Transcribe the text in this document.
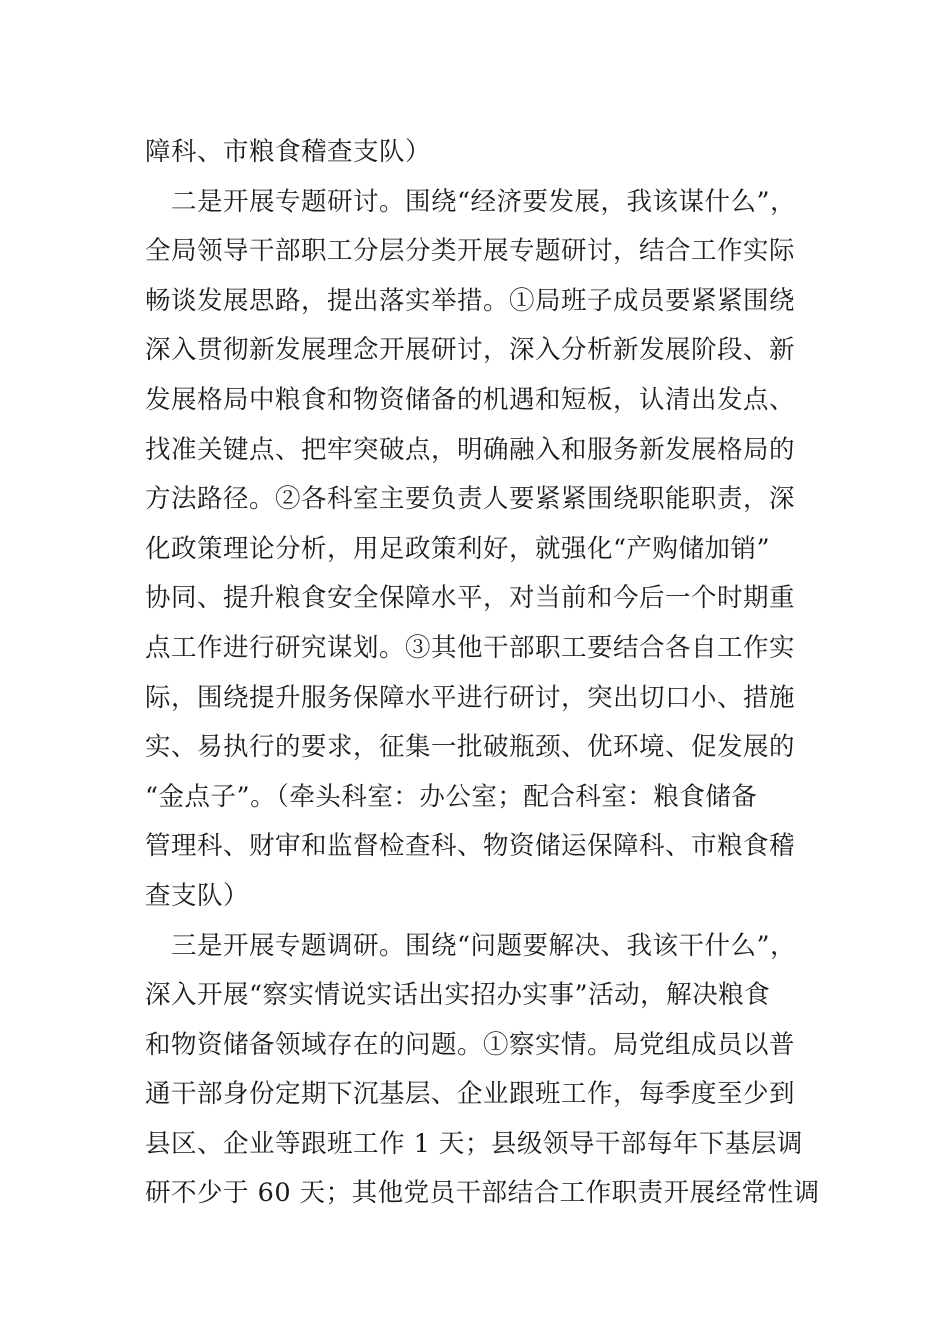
障科、市粮食稽查支队）
　二是开展专题研讨。围绕“经济要发展，我该谋什么”，
全局领导干部职工分层分类开展专题研讨，结合工作实际
畅谈发展思路，提出落实举措。①局班子成员要紧紧围绕
深入贯彻新发展理念开展研讨，深入分析新发展阶段、新
发展格局中粮食和物资储备的机遇和短板，认清出发点、
找准关键点、把牢突破点，明确融入和服务新发展格局的
方法路径。②各科室主要负责人要紧紧围绕职能职责，深
化政策理论分析，用足政策利好，就强化“产购储加销”
协同、提升粮食安全保障水平，对当前和今后一个时期重
点工作进行研究谋划。③其他干部职工要结合各自工作实
际，围绕提升服务保障水平进行研讨，突出切口小、措施
实、易执行的要求，征集一批破瓶颈、优环境、促发展的
“金点子”。（牵头科室：办公室；配合科室：粮食储备
管理科、财审和监督检查科、物资储运保障科、市粮食稽
查支队）
　三是开展专题调研。围绕“问题要解决、我该干什么”，
深入开展“察实情说实话出实招办实事”活动，解决粮食
和物资储备领域存在的问题。①察实情。局党组成员以普
通干部身份定期下沉基层、企业跟班工作，每季度至少到
县区、企业等跟班工作 1 天；县级领导干部每年下基层调
研不少于 60 天；其他党员干部结合工作职责开展经常性调
